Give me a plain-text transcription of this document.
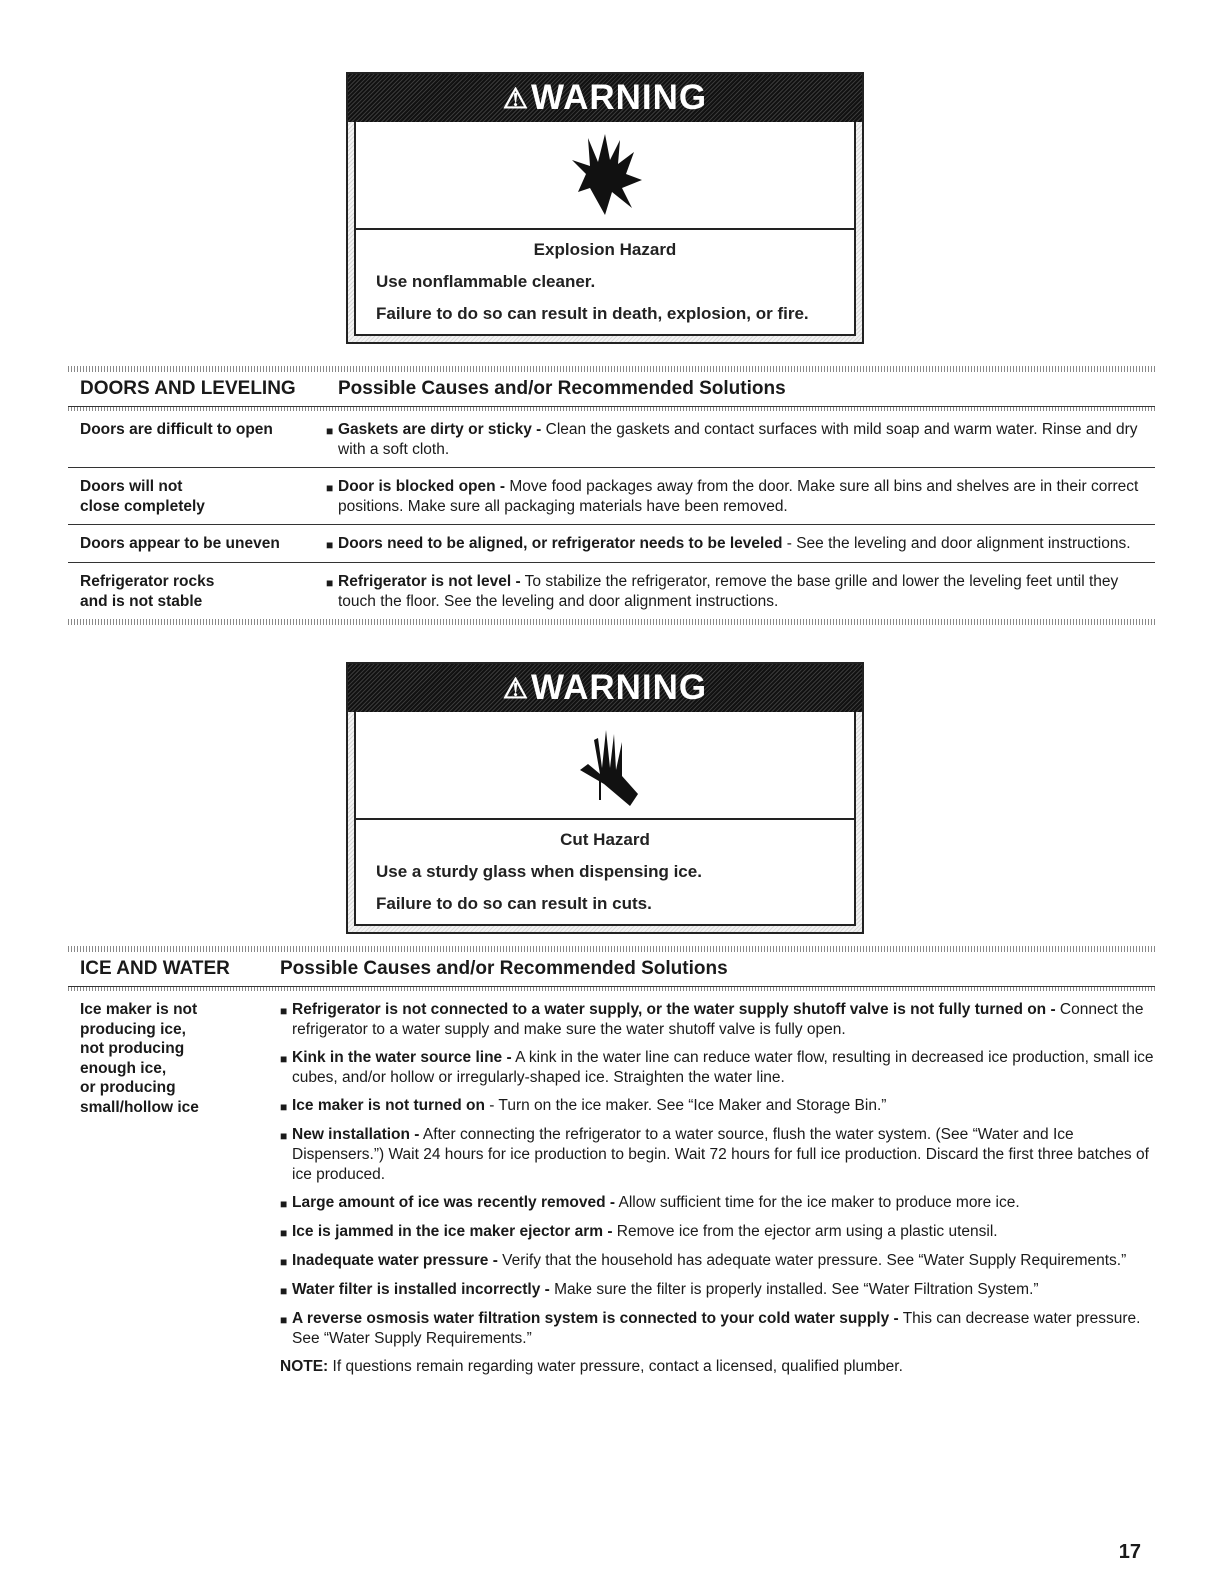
⚠ WARNING
Explosion Hazard

Use nonflammable cleaner.

Failure to do so can result in death, explosion, or fire.

DOORS AND LEVELING	Possible Causes and/or Recommended Solutions
Doors are difficult to open	■ Gaskets are dirty or sticky - Clean the gaskets and contact surfaces with mild soap and warm water. Rinse and dry with a soft cloth.
Doors will not
close completely
■ Door is blocked open - Move food packages away from the door. Make sure all bins and shelves are in their correct positions. Make sure all packaging materials have been removed.
Doors appear to be uneven	■ Doors need to be aligned, or refrigerator needs to be leveled - See the leveling and door alignment instructions.
Refrigerator rocks
and is not stable
■ Refrigerator is not level - To stabilize the refrigerator, remove the base grille and lower the leveling feet until they touch the floor. See the leveling and door alignment instructions.
⚠ WARNING
Cut Hazard

Use a sturdy glass when dispensing ice.

Failure to do so can result in cuts.

ICE AND WATER	Possible Causes and/or Recommended Solutions
Ice maker is not
producing ice,
not producing
enough ice,
or producing
small/hollow ice
■ Refrigerator is not connected to a water supply, or the water supply shutoff valve is not fully turned on - Connect the refrigerator to a water supply and make sure the water shutoff valve is fully open.
■ Kink in the water source line - A kink in the water line can reduce water flow, resulting in decreased ice production, small ice cubes, and/or hollow or irregularly-shaped ice. Straighten the water line.
■ Ice maker is not turned on - Turn on the ice maker. See “Ice Maker and Storage Bin.”
■ New installation - After connecting the refrigerator to a water source, flush the water system. (See “Water and Ice Dispensers.”) Wait 24 hours for ice production to begin. Wait 72 hours for full ice production. Discard the first three batches of ice produced.
■ Large amount of ice was recently removed - Allow sufficient time for the ice maker to produce more ice.
■ Ice is jammed in the ice maker ejector arm - Remove ice from the ejector arm using a plastic utensil.
■ Inadequate water pressure - Verify that the household has adequate water pressure. See “Water Supply Requirements.”
■ Water filter is installed incorrectly - Make sure the filter is properly installed. See “Water Filtration System.”
■ A reverse osmosis water filtration system is connected to your cold water supply - This can decrease water pressure. See “Water Supply Requirements.”
NOTE: If questions remain regarding water pressure, contact a licensed, qualified plumber.
17
